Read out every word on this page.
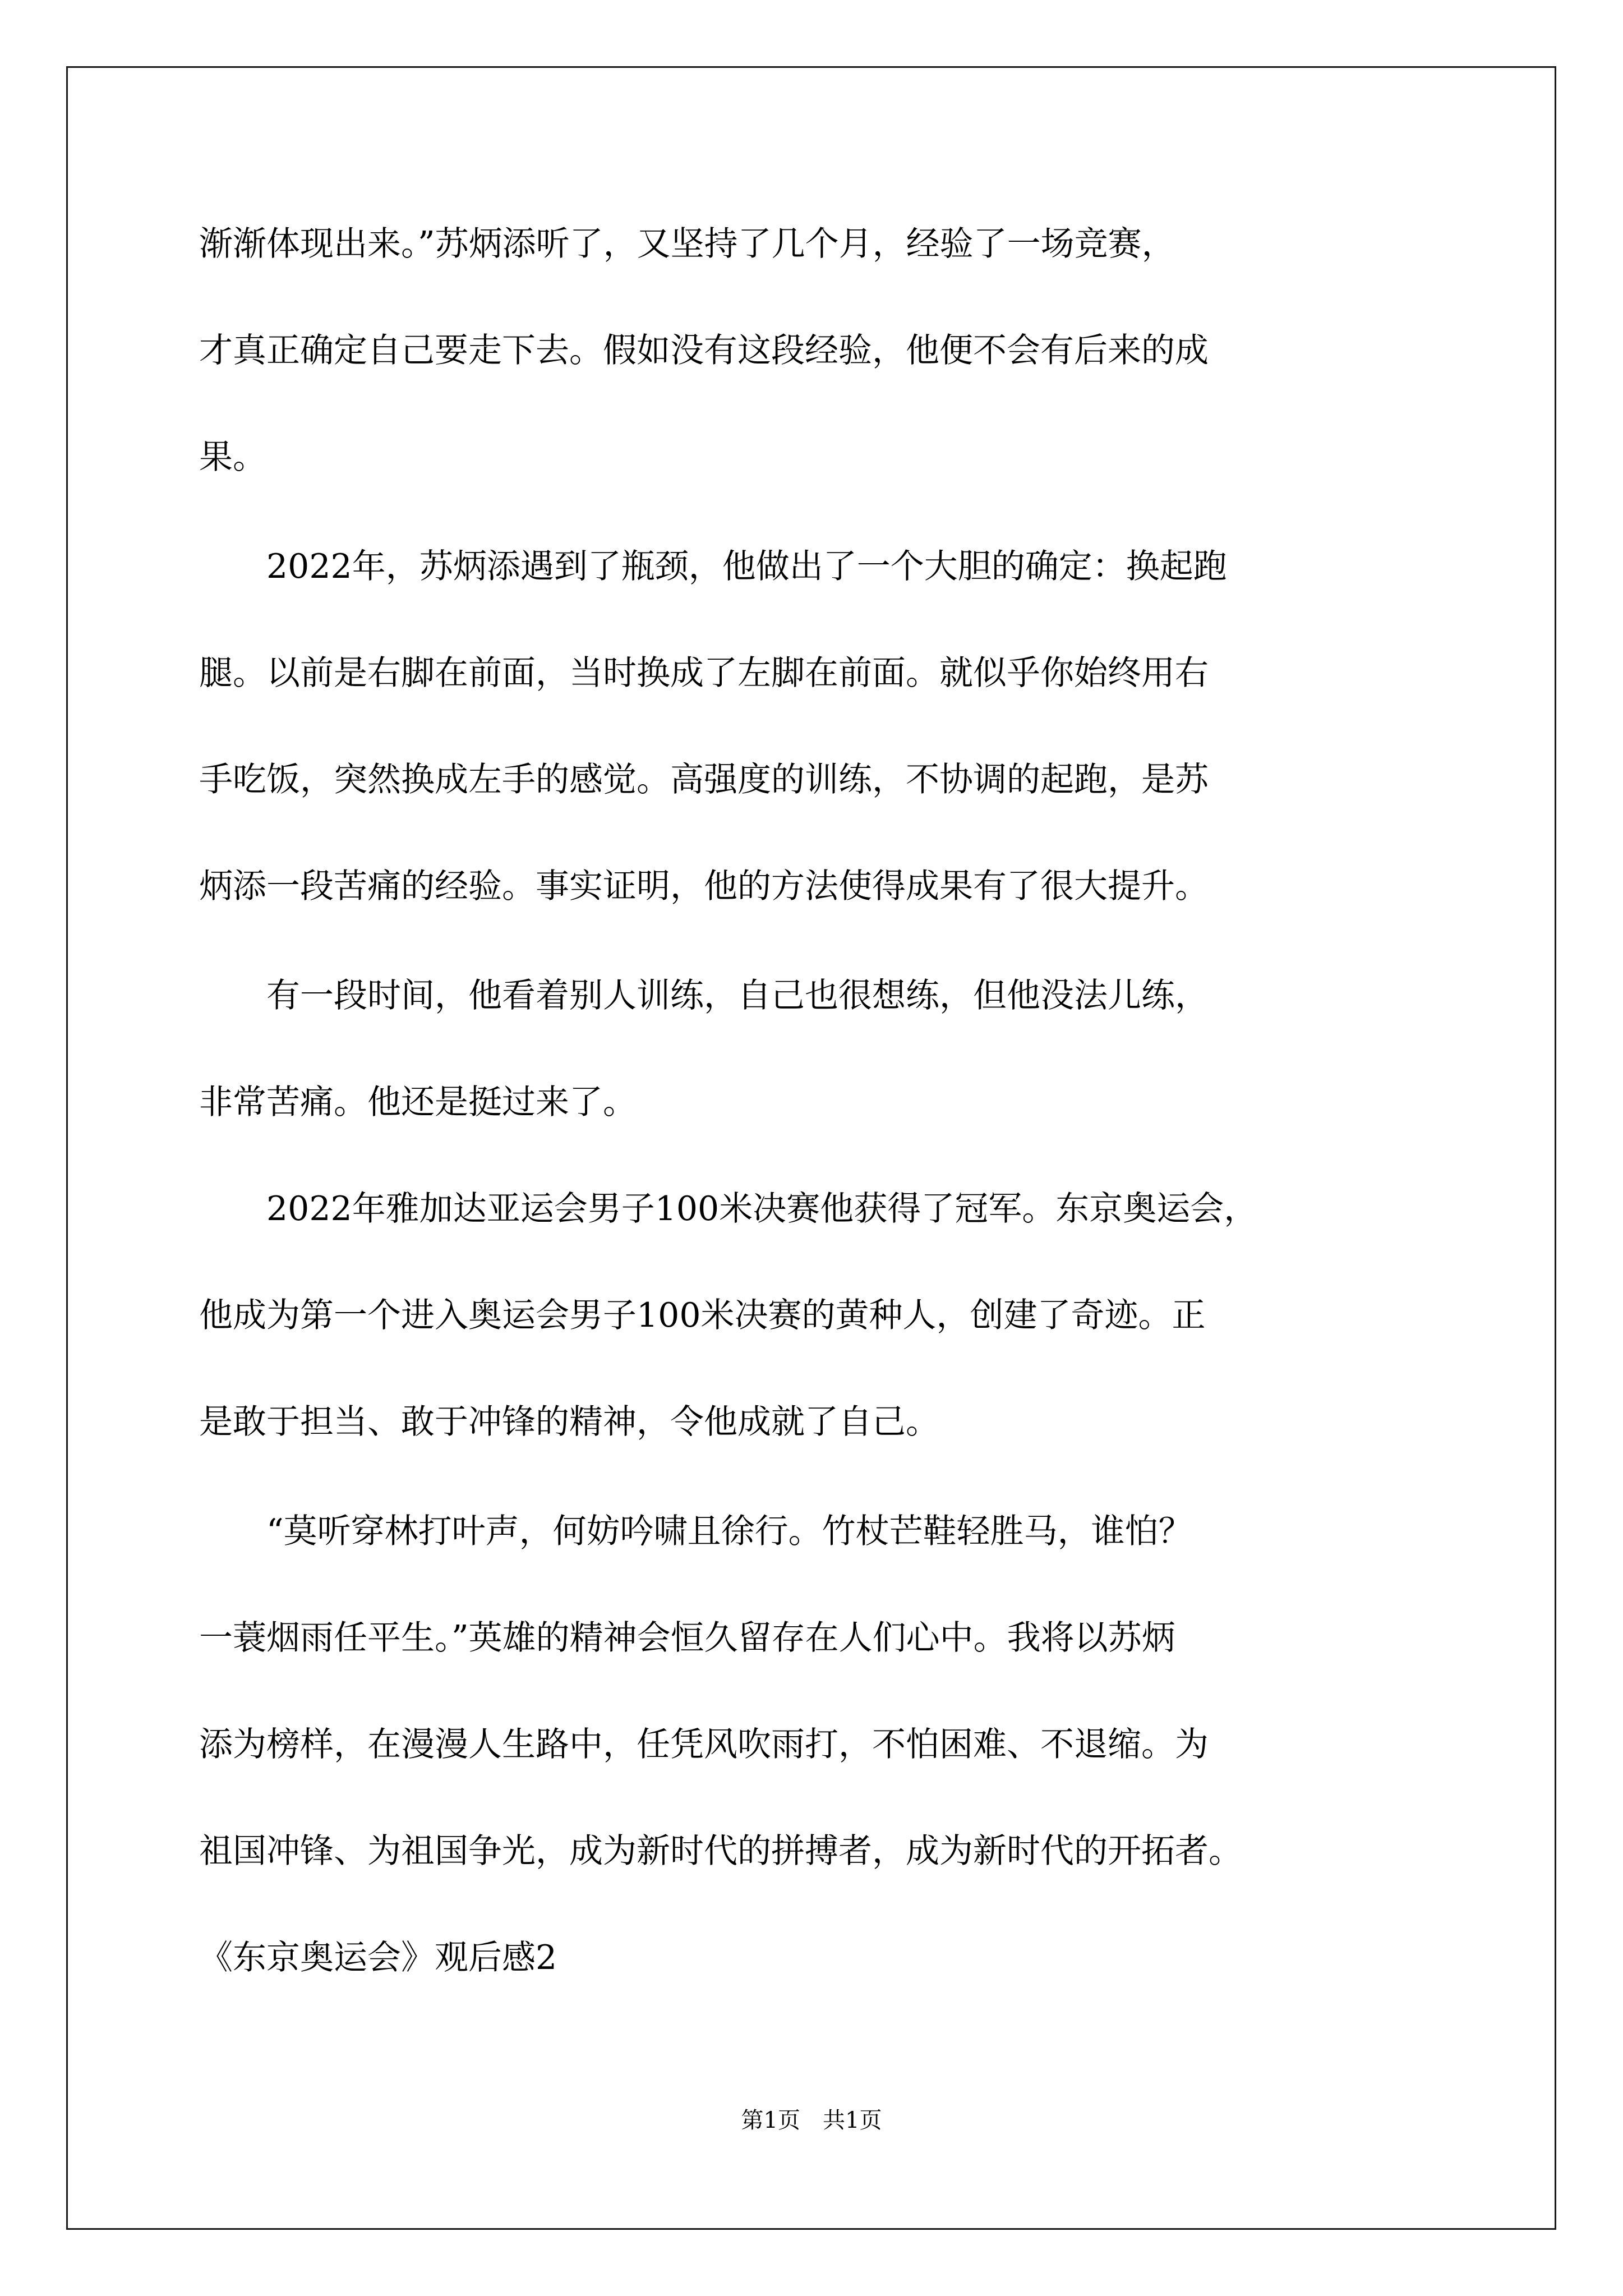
渐渐体现出来。”苏炳添听了，又坚持了几个月，经验了一场竞赛，
才真正确定自己要走下去。假如没有这段经验，他便不会有后来的成
果。
　　2022年，苏炳添遇到了瓶颈，他做出了一个大胆的确定：换起跑
腿。以前是右脚在前面，当时换成了左脚在前面。就似乎你始终用右
手吃饭，突然换成左手的感觉。高强度的训练，不协调的起跑，是苏
炳添一段苦痛的经验。事实证明，他的方法使得成果有了很大提升。
　　有一段时间，他看着别人训练，自己也很想练，但他没法儿练，
非常苦痛。他还是挺过来了。
　　2022年雅加达亚运会男子100米决赛他获得了冠军。东京奥运会，
他成为第一个进入奥运会男子100米决赛的黄种人，创建了奇迹。正
是敢于担当、敢于冲锋的精神，令他成就了自己。
　　“莫听穿林打叶声，何妨吟啸且徐行。竹杖芒鞋轻胜马，谁怕？
一蓑烟雨任平生。”英雄的精神会恒久留存在人们心中。我将以苏炳
添为榜样，在漫漫人生路中，任凭风吹雨打，不怕困难、不退缩。为
祖国冲锋、为祖国争光，成为新时代的拼搏者，成为新时代的开拓者。
《东京奥运会》观后感2
第1页　共1页
